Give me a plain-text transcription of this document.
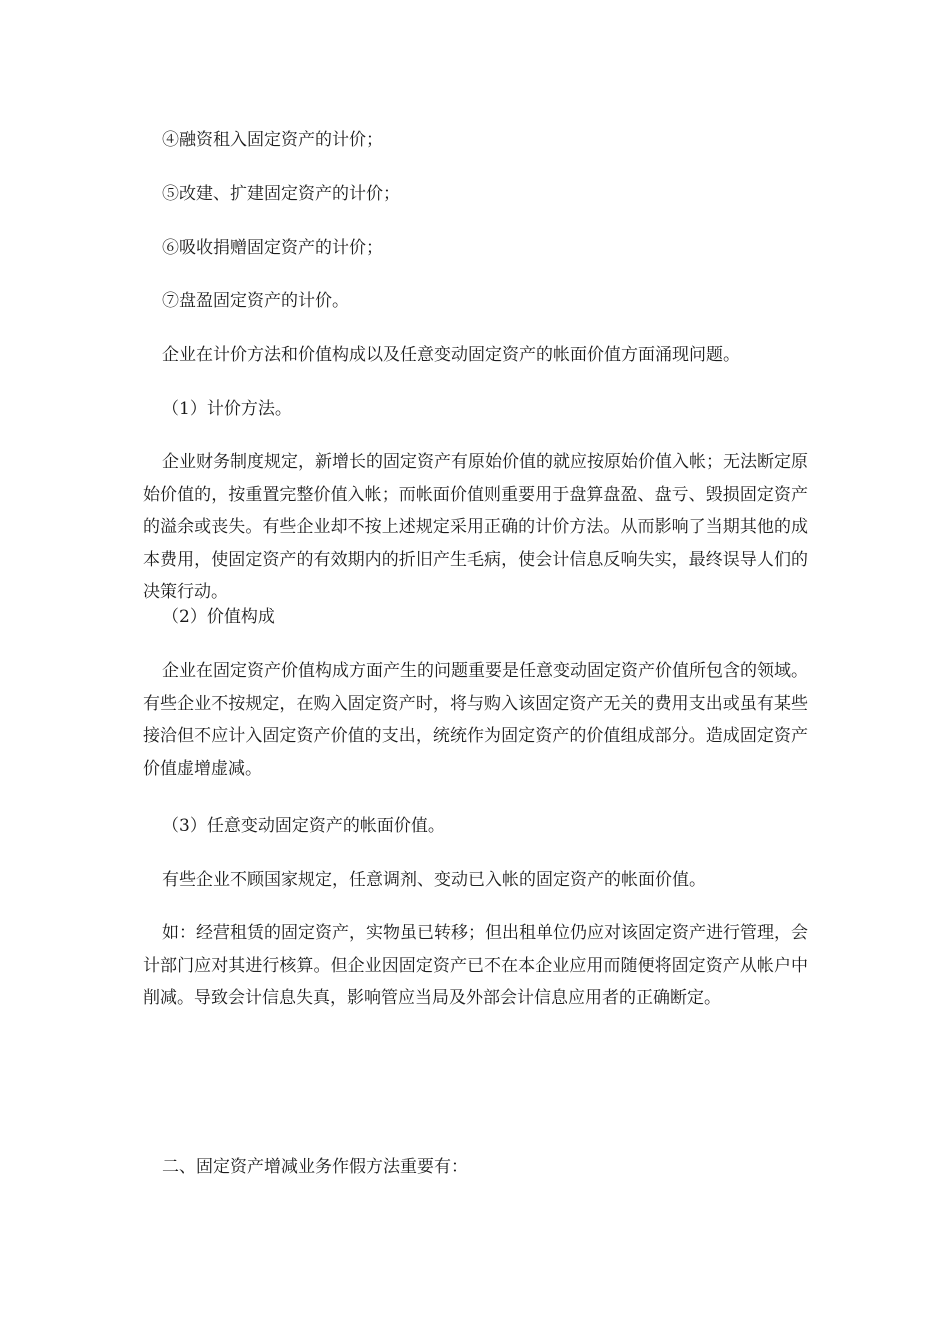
④融资租入固定资产的计价；
⑤改建、扩建固定资产的计价；
⑥吸收捐赠固定资产的计价；
⑦盘盈固定资产的计价。
企业在计价方法和价值构成以及任意变动固定资产的帐面价值方面涌现问题。
（1）计价方法。
企业财务制度规定，新增长的固定资产有原始价值的就应按原始价值入帐；无法断定原始价值的，按重置完整价值入帐；而帐面价值则重要用于盘算盘盈、盘亏、毁损固定资产的溢余或丧失。有些企业却不按上述规定采用正确的计价方法。从而影响了当期其他的成本费用，使固定资产的有效期内的折旧产生毛病，使会计信息反响失实，最终误导人们的决策行动。
（2）价值构成
企业在固定资产价值构成方面产生的问题重要是任意变动固定资产价值所包含的领域。有些企业不按规定，在购入固定资产时，将与购入该固定资产无关的费用支出或虽有某些接洽但不应计入固定资产价值的支出，统统作为固定资产的价值组成部分。造成固定资产价值虚增虚减。
（3）任意变动固定资产的帐面价值。
有些企业不顾国家规定，任意调剂、变动已入帐的固定资产的帐面价值。
如：经营租赁的固定资产，实物虽已转移；但出租单位仍应对该固定资产进行管理，会计部门应对其进行核算。但企业因固定资产已不在本企业应用而随便将固定资产从帐户中削减。导致会计信息失真，影响管应当局及外部会计信息应用者的正确断定。
二、固定资产增减业务作假方法重要有：
